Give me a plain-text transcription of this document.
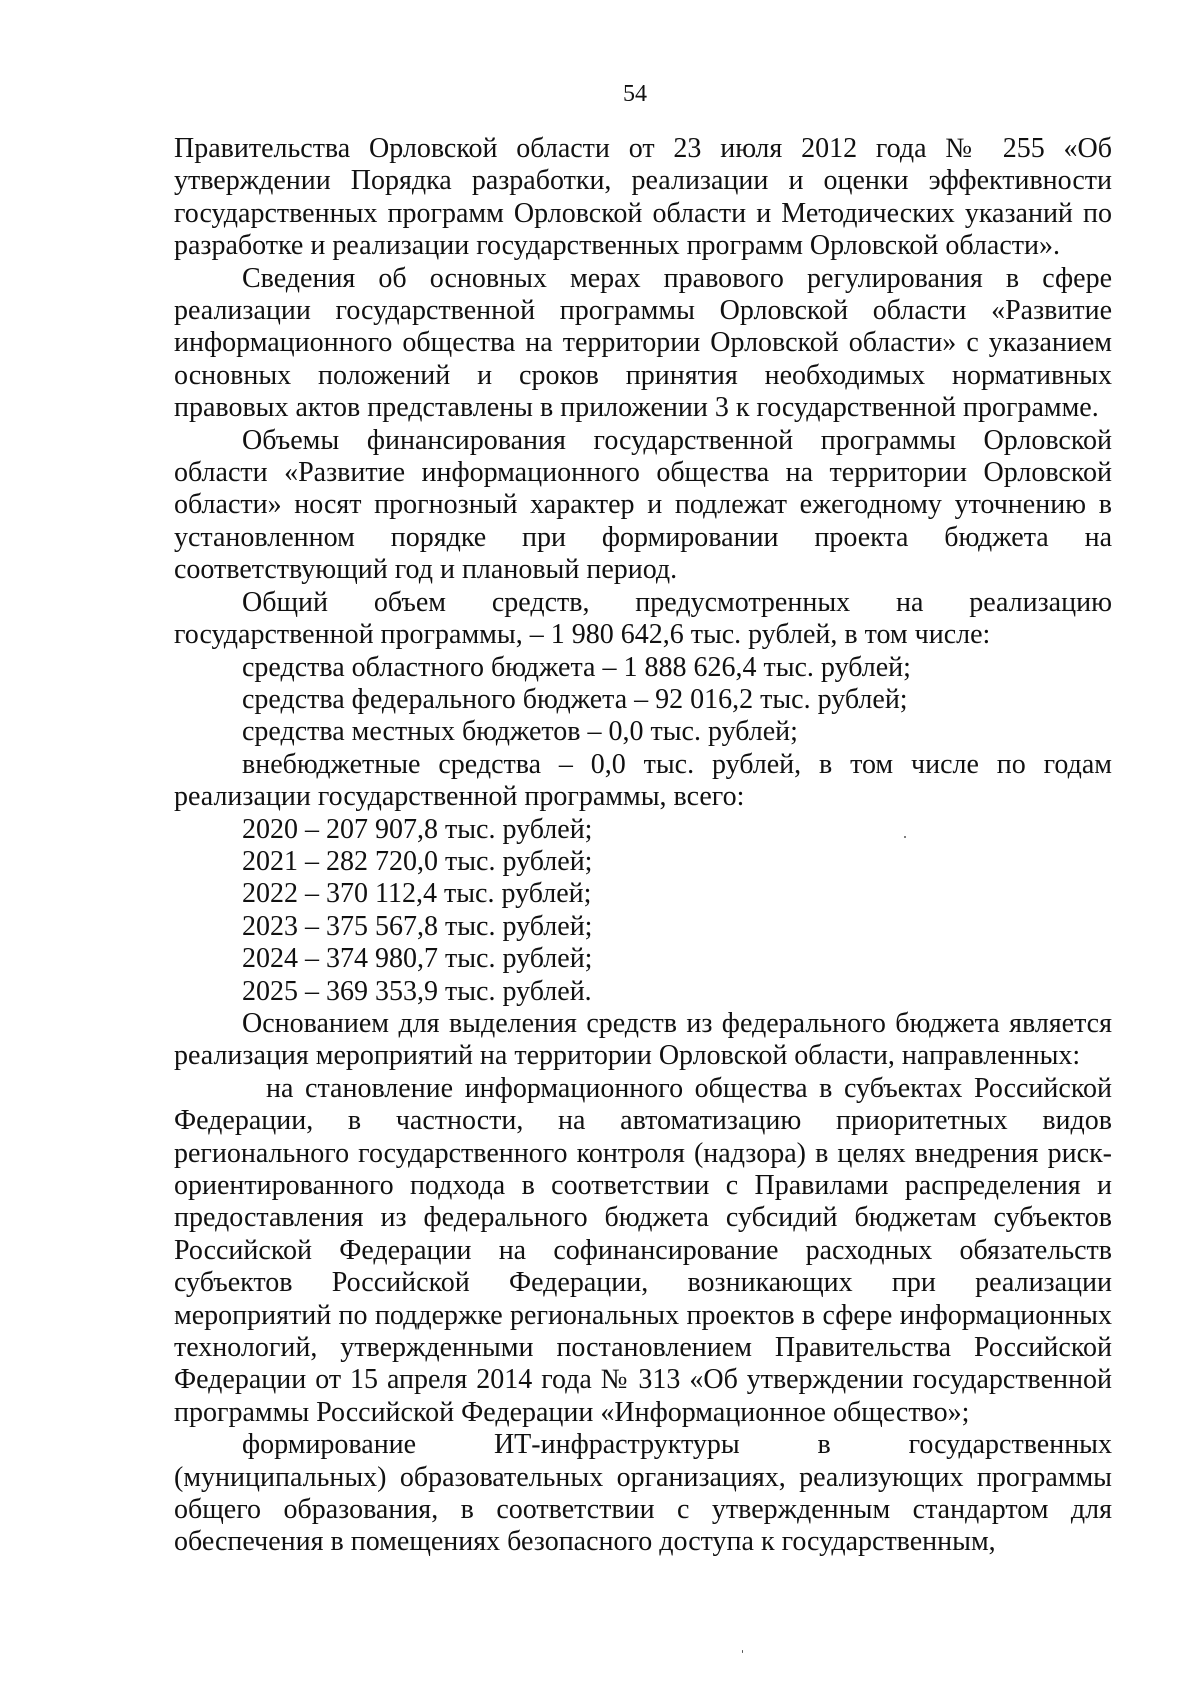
54

Правительства Орловской области от 23 июля 2012 года № 255 «Об утверждении Порядка разработки, реализации и оценки эффективности государственных программ Орловской области и Методических указаний по разработке и реализации государственных программ Орловской области».

Сведения об основных мерах правового регулирования в сфере реализации государственной программы Орловской области «Развитие информационного общества на территории Орловской области» с указанием основных положений и сроков принятия необходимых нормативных правовых актов представлены в приложении 3 к государственной программе.

Объемы финансирования государственной программы Орловской области «Развитие информационного общества на территории Орловской области» носят прогнозный характер и подлежат ежегодному уточнению в установленном порядке при формировании проекта бюджета на соответствующий год и плановый период.

Общий объем средств, предусмотренных на реализацию государственной программы, – 1 980 642,6 тыс. рублей, в том числе:

средства областного бюджета – 1 888 626,4 тыс. рублей;

средства федерального бюджета – 92 016,2 тыс. рублей;

средства местных бюджетов – 0,0 тыс. рублей;

внебюджетные средства – 0,0 тыс. рублей, в том числе по годам реализации государственной программы, всего:

2020 – 207 907,8 тыс. рублей;

2021 – 282 720,0 тыс. рублей;

2022 – 370 112,4 тыс. рублей;

2023 – 375 567,8 тыс. рублей;

2024 – 374 980,7 тыс. рублей;

2025 – 369 353,9 тыс. рублей.

Основанием для выделения средств из федерального бюджета является реализация мероприятий на территории Орловской области, направленных:

на становление информационного общества в субъектах Российской Федерации, в частности, на автоматизацию приоритетных видов регионального государственного контроля (надзора) в целях внедрения риск-ориентированного подхода в соответствии с Правилами распределения и предоставления из федерального бюджета субсидий бюджетам субъектов Российской Федерации на софинансирование расходных обязательств субъектов Российской Федерации, возникающих при реализации мероприятий по поддержке региональных проектов в сфере информационных технологий, утвержденными постановлением Правительства Российской Федерации от 15 апреля 2014 года № 313 «Об утверждении государственной программы Российской Федерации «Информационное общество»;

формирование ИТ-инфраструктуры в государственных (муниципальных) образовательных организациях, реализующих программы общего образования, в соответствии с утвержденным стандартом для обеспечения в помещениях безопасного доступа к государственным,
